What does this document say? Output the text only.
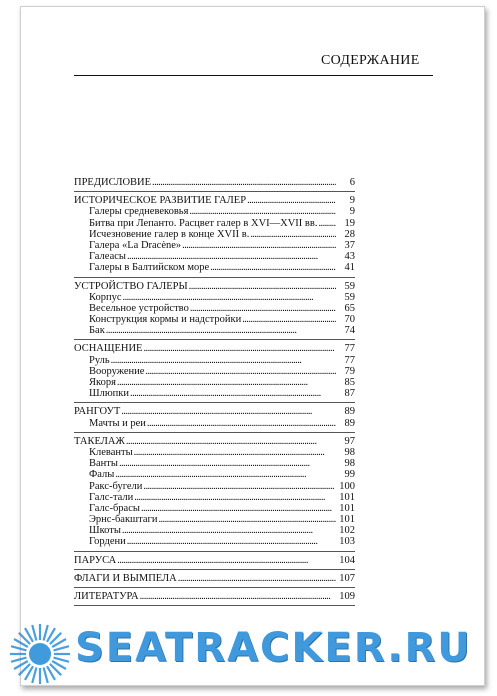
СОДЕРЖАНИЕ
ПРЕДИСЛОВИЕ . . .	6
ИСТОРИЧЕСКОЕ РАЗВИТИЕ ГАЛЕР . . .	9
Галеры средневековья . . .	9
Битва при Лепанто. Расцвет галер в XVI—XVII вв. . . .	19
Исчезновение галер в конце XVII в. . . .	28
Галера «La Dracène» . . .	37
Галеасы . . .	43
Галеры в Балтийском море . . .	41
УСТРОЙСТВО ГАЛЕРЫ . . .	59
Корпус . . .	59
Весельное устройство . . .	65
Конструкция кормы и надстройки . . .	70
Бак . . .	74
ОСНАЩЕНИЕ . . .	77
Руль . . .	77
Вооружение . . .	79
Якоря . . .	85
Шлюпки . . .	87
РАНГОУТ . . .	89
Мачты и реи . . .	89
ТАКЕЛАЖ . . .	97
Клеванты . . .	98
Ванты . . .	98
Фалы . . .	99
Ракс-бугели . . .	100
Галс-тали . . .	101
Галс-брасы . . .	101
Эрнс-бакштаги . . .	101
Шкоты . . .	102
Гордени . . .	103
ПАРУСА . . .	104
ФЛАГИ И ВЫМПЕЛА . . .	107
ЛИТЕРАТУРА . . .	109
SEATRACKER.RU
